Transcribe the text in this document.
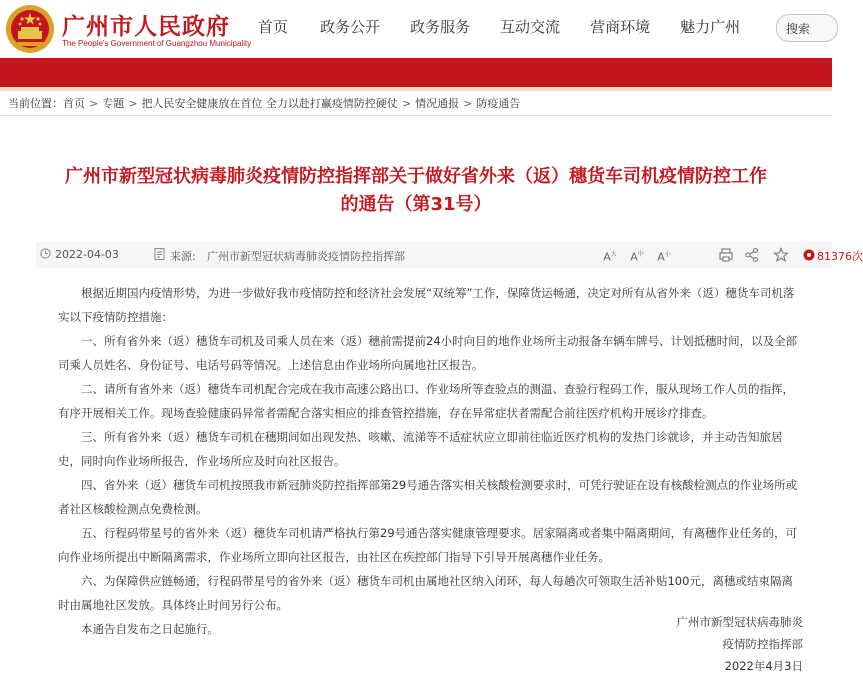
广州市人民政府
The People's Government of Guangzhou Municipality
首页 政务公开 政务服务 互动交流 营商环境 魅力广州	搜索
当前位置：首页 > 专题 > 把人民安全健康放在首位 全力以赴打赢疫情防控硬仗 > 情况通报 > 防疫通告
广州市新型冠状病毒肺炎疫情防控指挥部关于做好省外来（返）穗货车司机疫情防控工作的通告（第31号）
2022-04-03	来源: 广州市新型冠状病毒肺炎疫情防控指挥部	$A^大$ $A^中$ $A^小$	81376次

根据近期国内疫情形势，为进一步做好我市疫情防控和经济社会发展“双统筹”工作，保障货运畅通，决定对所有从省外来（返）穗货车司机落实以下疫情防控措施：

一、所有省外来（返）穗货车司机及司乘人员在来（返）穗前需提前24小时向目的地作业场所主动报备车辆车牌号、计划抵穗时间，以及全部司乘人员姓名、身份证号、电话号码等情况。上述信息由作业场所向属地社区报告。

二、请所有省外来（返）穗货车司机配合完成在我市高速公路出口、作业场所等查验点的测温、查验行程码工作，服从现场工作人员的指挥，有序开展相关工作。现场查验健康码异常者需配合落实相应的排查管控措施，存在异常症状者需配合前往医疗机构开展诊疗排查。

三、所有省外来（返）穗货车司机在穗期间如出现发热、咳嗽、流涕等不适症状应立即前往临近医疗机构的发热门诊就诊，并主动告知旅居史，同时向作业场所报告，作业场所应及时向社区报告。

四、省外来（返）穗货车司机按照我市新冠肺炎防控指挥部第29号通告落实相关核酸检测要求时，可凭行驶证在设有核酸检测点的作业场所或者社区核酸检测点免费检测。

五、行程码带星号的省外来（返）穗货车司机请严格执行第29号通告落实健康管理要求。居家隔离或者集中隔离期间，有离穗作业任务的，可向作业场所提出中断隔离需求，作业场所立即向社区报告，由社区在疾控部门指导下引导开展离穗作业任务。

六、为保障供应链畅通，行程码带星号的省外来（返）穗货车司机由属地社区纳入闭环，每人每趟次可领取生活补贴100元，离穗或结束隔离时由属地社区发放。具体终止时间另行公布。

本通告自发布之日起施行。	广州市新型冠状病毒肺炎
疫情防控指挥部
2022年4月3日
